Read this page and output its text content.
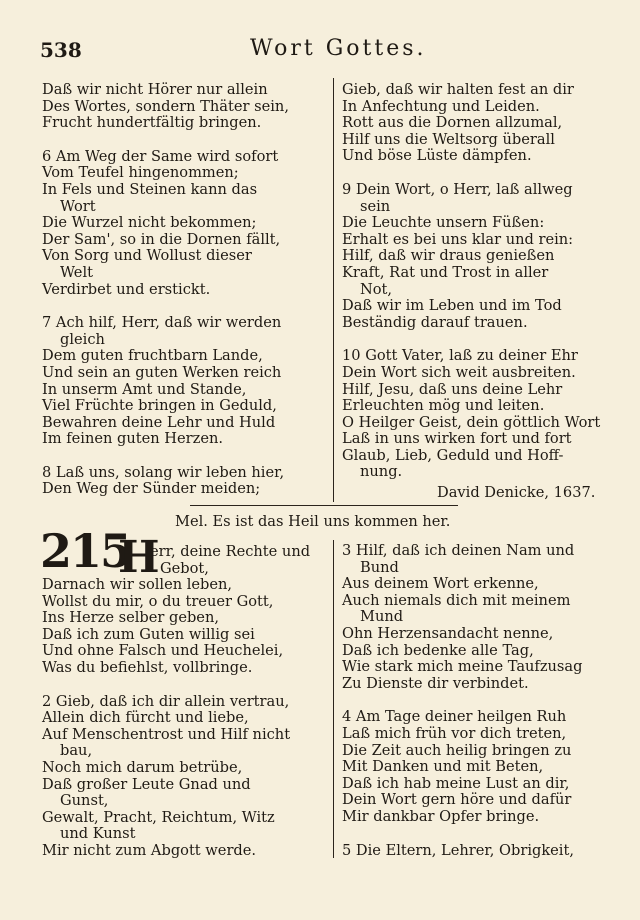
538	Wort Gottes.

Daß wir nicht Hörer nur allein

Des Wortes, sondern Thäter sein,

Frucht hundertfältig bringen.

6 Am Weg der Same wird sofort

Vom Teufel hingenommen;

In Fels und Steinen kann das

Wort

Die Wurzel nicht bekommen;

Der Sam', so in die Dornen fällt,

Von Sorg und Wollust dieser

Welt

Verdirbet und erstickt.

7 Ach hilf, Herr, daß wir werden

gleich

Dem guten fruchtbarn Lande,

Und sein an guten Werken reich

In unserm Amt und Stande,

Viel Früchte bringen in Geduld,

Bewahren deine Lehr und Huld

Im feinen guten Herzen.

8 Laß uns, solang wir leben hier,

Den Weg der Sünder meiden;

Gieb, daß wir halten fest an dir

In Anfechtung und Leiden.

Rott aus die Dornen allzumal,

Hilf uns die Weltsorg überall

Und böse Lüste dämpfen.

9 Dein Wort, o Herr, laß allweg

sein

Die Leuchte unsern Füßen:

Erhalt es bei uns klar und rein:

Hilf, daß wir draus genießen

Kraft, Rat und Trost in aller

Not,

Daß wir im Leben und im Tod

Beständig darauf trauen.

10 Gott Vater, laß zu deiner Ehr

Dein Wort sich weit ausbreiten.

Hilf, Jesu, daß uns deine Lehr

Erleuchten mög und leiten.

O Heilger Geist, dein göttlich Wort

Laß in uns wirken fort und fort

Glaub, Lieb, Geduld und Hoff-

nung.

David Denicke, 1637.
Mel. Es ist das Heil uns kommen her.
215
H
err, deine Rechte und
Gebot,

Darnach wir sollen leben,

Wollst du mir, o du treuer Gott,

Ins Herze selber geben,

Daß ich zum Guten willig sei

Und ohne Falsch und Heuchelei,

Was du befiehlst, vollbringe.

2 Gieb, daß ich dir allein vertrau,

Allein dich fürcht und liebe,

Auf Menschentrost und Hilf nicht

bau,

Noch mich darum betrübe,

Daß großer Leute Gnad und

Gunst,

Gewalt, Pracht, Reichtum, Witz

und Kunst

Mir nicht zum Abgott werde.

3 Hilf, daß ich deinen Nam und

Bund

Aus deinem Wort erkenne,

Auch niemals dich mit meinem

Mund

Ohn Herzensandacht nenne,

Daß ich bedenke alle Tag,

Wie stark mich meine Taufzusag

Zu Dienste dir verbindet.

4 Am Tage deiner heilgen Ruh

Laß mich früh vor dich treten,

Die Zeit auch heilig bringen zu

Mit Danken und mit Beten,

Daß ich hab meine Lust an dir,

Dein Wort gern höre und dafür

Mir dankbar Opfer bringe.

5 Die Eltern, Lehrer, Obrigkeit,
